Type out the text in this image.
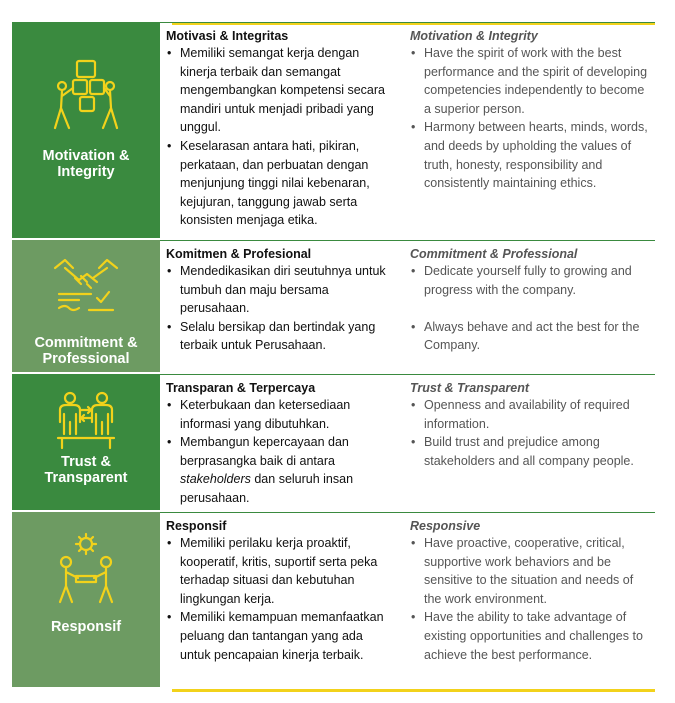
Motivation &
Integrity
Motivasi & Integritas
• Memiliki semangat kerja dengan kinerja terbaik dan semangat mengembangkan kompetensi secara mandiri untuk menjadi pribadi yang unggul.
• Keselarasan antara hati, pikiran, perkataan, dan perbuatan dengan menjunjung tinggi nilai kebenaran, kejujuran, tanggung jawab serta konsisten menjaga etika.
Motivation & Integrity
• Have the spirit of work with the best performance and the spirit of developing competencies independently to become a superior person.
• Harmony between hearts, minds, words, and deeds by upholding the values of truth, honesty, responsibility and consistently maintaining ethics.
Commitment &
Professional
Komitmen & Profesional
• Mendedikasikan diri seutuhnya untuk tumbuh dan maju bersama perusahaan.
• Selalu bersikap dan bertindak yang terbaik untuk Perusahaan.
Commitment & Professional
• Dedicate yourself fully to growing and progress with the company.
• Always behave and act the best for the Company.
Trust &
Transparent
Transparan & Terpercaya
• Keterbukaan dan ketersediaan informasi yang dibutuhkan.
• Membangun kepercayaan dan berprasangka baik di antara stakeholders dan seluruh insan perusahaan.
Trust & Transparent
• Openness and availability of required information.
• Build trust and prejudice among stakeholders and all company people.
Responsif
Responsif
• Memiliki perilaku kerja proaktif, kooperatif, kritis, suportif serta peka terhadap situasi dan kebutuhan lingkungan kerja.
• Memiliki kemampuan memanfaatkan peluang dan tantangan yang ada untuk pencapaian kinerja terbaik.
Responsive
• Have proactive, cooperative, critical, supportive work behaviors and be sensitive to the situation and needs of the work environment.
• Have the ability to take advantage of existing opportunities and challenges to achieve the best performance.
